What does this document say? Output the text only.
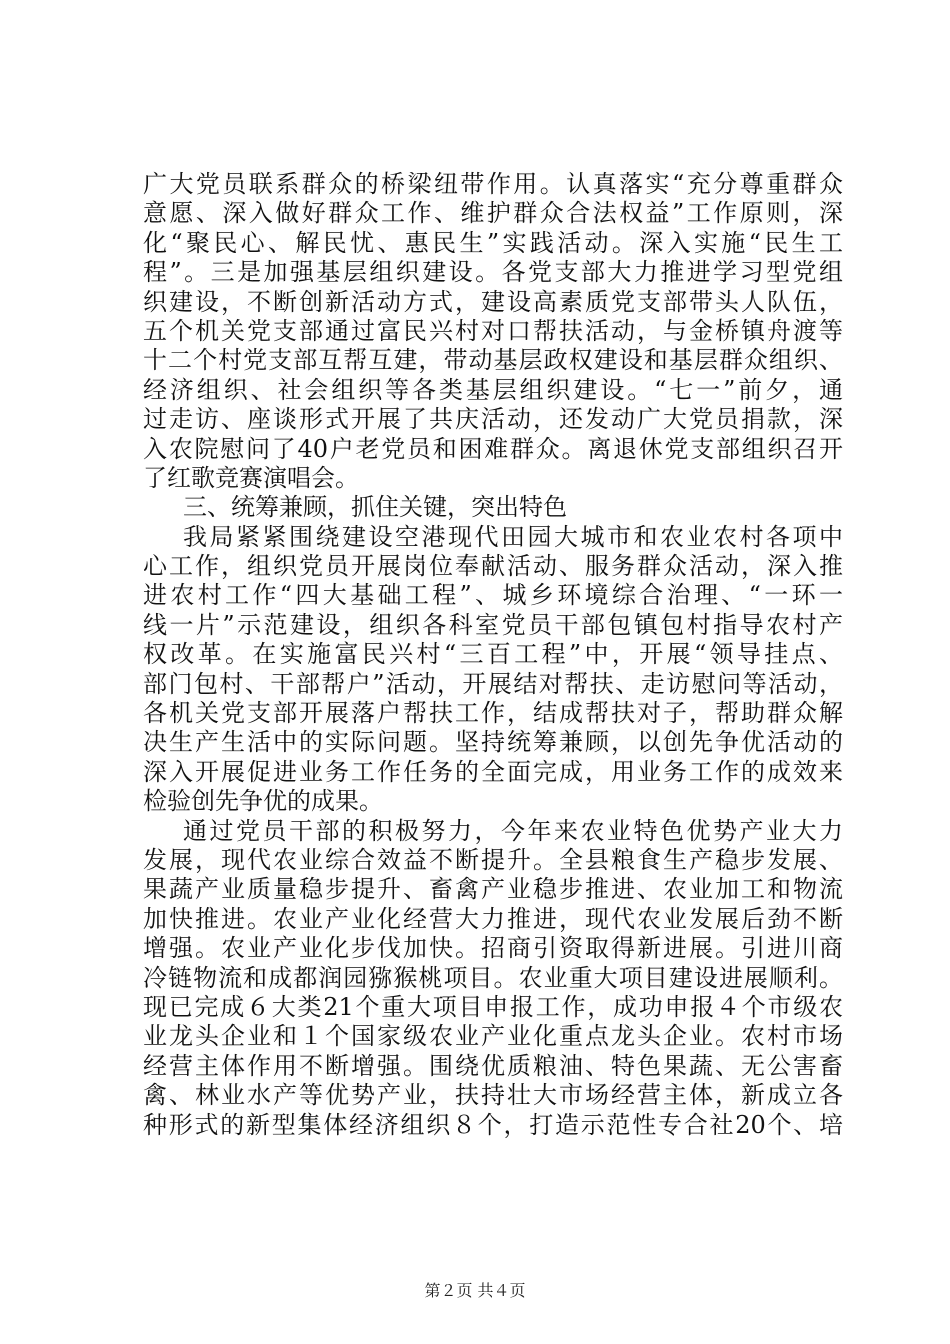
广大党员联系群众的桥梁纽带作用。认真落实“充分尊重群众
意愿、深入做好群众工作、维护群众合法权益”工作原则，深
化“聚民心、解民忧、惠民生”实践活动。深入实施“民生工
程”。三是加强基层组织建设。各党支部大力推进学习型党组
织建设，不断创新活动方式，建设高素质党支部带头人队伍，
五个机关党支部通过富民兴村对口帮扶活动，与金桥镇舟渡等
十二个村党支部互帮互建，带动基层政权建设和基层群众组织、
经济组织、社会组织等各类基层组织建设。“七一”前夕，通
过走访、座谈形式开展了共庆活动，还发动广大党员捐款，深
入农院慰问了40户老党员和困难群众。离退休党支部组织召开
了红歌竞赛演唱会。
三、统筹兼顾，抓住关键，突出特色
我局紧紧围绕建设空港现代田园大城市和农业农村各项中
心工作，组织党员开展岗位奉献活动、服务群众活动，深入推
进农村工作“四大基础工程”、城乡环境综合治理、“一环一
线一片”示范建设，组织各科室党员干部包镇包村指导农村产
权改革。在实施富民兴村“三百工程”中，开展“领导挂点、
部门包村、干部帮户”活动，开展结对帮扶、走访慰问等活动，
各机关党支部开展落户帮扶工作，结成帮扶对子，帮助群众解
决生产生活中的实际问题。坚持统筹兼顾，以创先争优活动的
深入开展促进业务工作任务的全面完成，用业务工作的成效来
检验创先争优的成果。
通过党员干部的积极努力，今年来农业特色优势产业大力
发展，现代农业综合效益不断提升。全县粮食生产稳步发展、
果蔬产业质量稳步提升、畜禽产业稳步推进、农业加工和物流
加快推进。农业产业化经营大力推进，现代农业发展后劲不断
增强。农业产业化步伐加快。招商引资取得新进展。引进川商
冷链物流和成都润园猕猴桃项目。农业重大项目建设进展顺利。
现已完成６大类21个重大项目申报工作，成功申报４个市级农
业龙头企业和１个国家级农业产业化重点龙头企业。农村市场
经营主体作用不断增强。围绕优质粮油、特色果蔬、无公害畜
禽、林业水产等优势产业，扶持壮大市场经营主体，新成立各
种形式的新型集体经济组织８个，打造示范性专合社20个、培
第２页 共４页
